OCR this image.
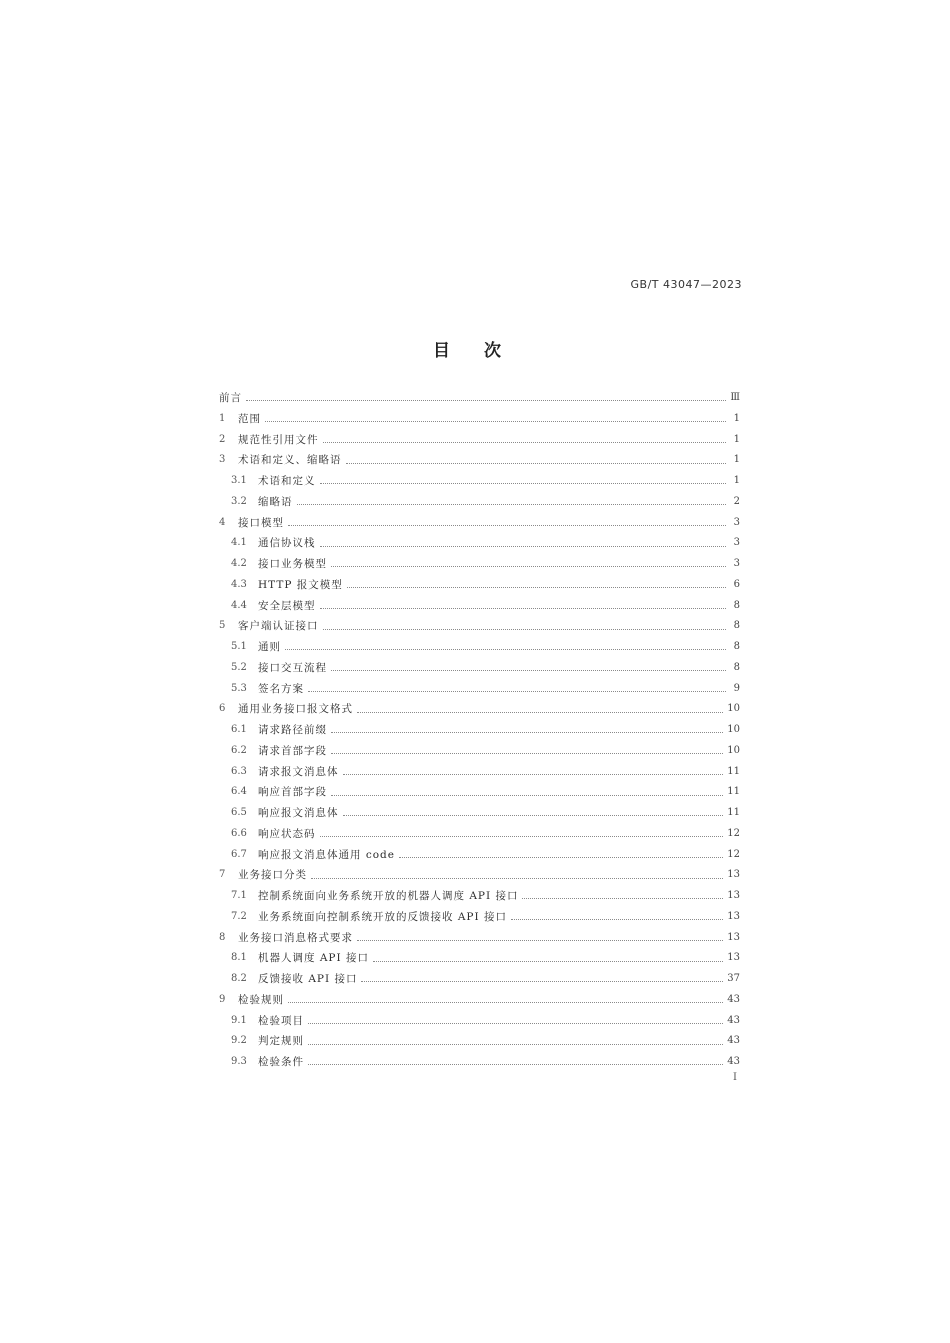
GB/T 43047—2023
目次
前言	Ⅲ
1	范围	1
2	规范性引用文件	1
3	术语和定义、缩略语	1
3.1	术语和定义	1
3.2	缩略语	2
4	接口模型	3
4.1	通信协议栈	3
4.2	接口业务模型	3
4.3	HTTP 报文模型	6
4.4	安全层模型	8
5	客户端认证接口	8
5.1	通则	8
5.2	接口交互流程	8
5.3	签名方案	9
6	通用业务接口报文格式	10
6.1	请求路径前缀	10
6.2	请求首部字段	10
6.3	请求报文消息体	11
6.4	响应首部字段	11
6.5	响应报文消息体	11
6.6	响应状态码	12
6.7	响应报文消息体通用 code	12
7	业务接口分类	13
7.1	控制系统面向业务系统开放的机器人调度 API 接口	13
7.2	业务系统面向控制系统开放的反馈接收 API 接口	13
8	业务接口消息格式要求	13
8.1	机器人调度 API 接口	13
8.2	反馈接收 API 接口	37
9	检验规则	43
9.1	检验项目	43
9.2	判定规则	43
9.3	检验条件	43
Ⅰ
